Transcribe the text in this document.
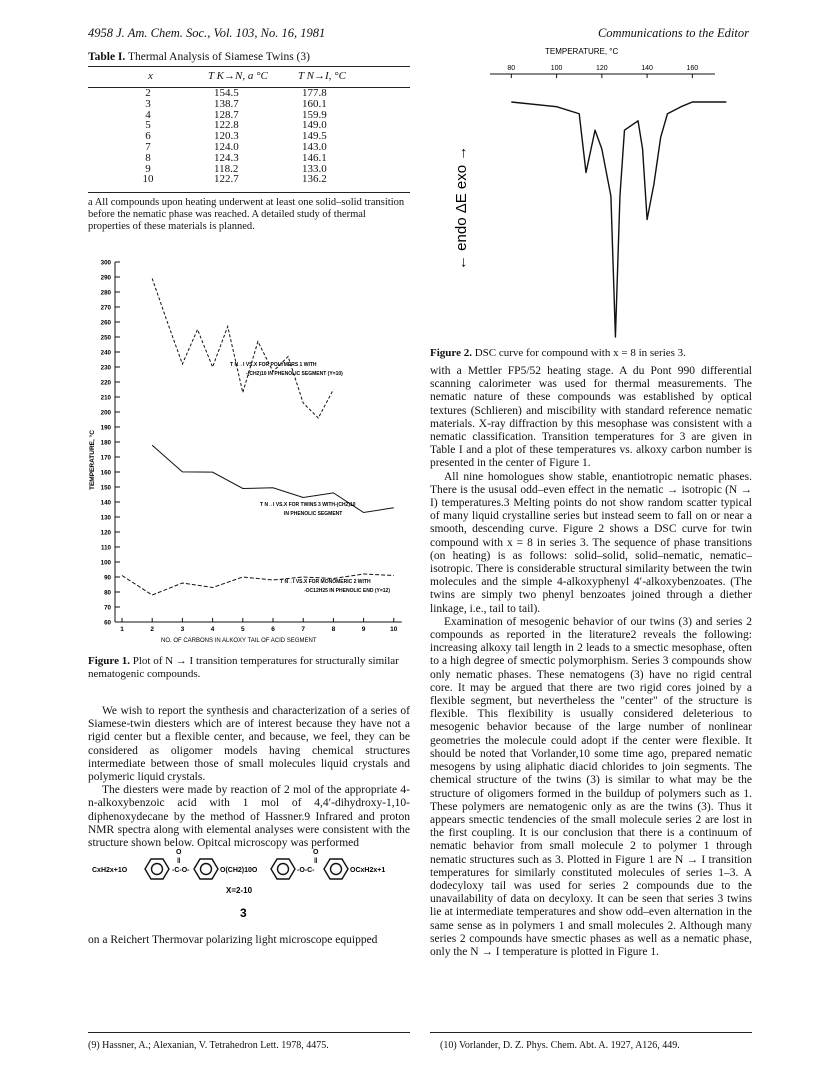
4958 J. Am. Chem. Soc., Vol. 103, No. 16, 1981	Communications to the Editor
Table I. Thermal Analysis of Siamese Twins (3)
x	T K→N, a °C	T N→I, °C
2	154.5	177.8
3	138.7	160.1
4	128.7	159.9
5	122.8	149.0
6	120.3	149.5
7	124.0	143.0
8	124.3	146.1
9	118.2	133.0
10	122.7	136.2
a All compounds upon heating underwent at least one solid–solid transition before the nematic phase was reached. A detailed study of thermal properties of these materials is planned.
60
70
80
90
100
110
120
130
140
150
160
170
180
190
200
210
220
230
240
250
260
270
280
290
300
1	2	3	4	5	6	7	8	9	10
TEMPERATURE, °C
NO. OF CARBONS IN ALKOXY TAIL OF ACID SEGMENT
T N→I VS.X FOR POLYMERS 1 WITH
-(CH2)10 IN PHENOLIC SEGMENT (Y=10)
T N→I VS.X FOR TWINS 3 WITH-(CH2)10
IN PHENOLIC SEGMENT
T N→I VS.X FOR MONOMERIC 2 WITH
-OC12H25 IN PHENOLIC END (Y=12)
Figure 1. Plot of N → I transition temperatures for structurally similar nematogenic compounds.

We wish to report the synthesis and characterization of a series of Siamese-twin diesters which are of interest because they have not a rigid center but a flexible center, and because, we feel, they can be considered as oligomer models having chemical structures intermediate between those of small molecules liquid crystals and polymeric liquid crystals.

The diesters were made by reaction of 2 mol of the appropriate 4-n-alkoxybenzoic acid with 1 mol of 4,4′-dihydroxy-1,10-diphenoxydecane by the method of Hassner.9 Infrared and proton NMR spectra along with elemental analyses were consistent with the structure shown below. Opitcal microscopy was performed

CxH2x+1O	-C-O-
O
‖
O(CH2)10O	-O-C-
O
‖
OCxH2x+1
X=2-10
3

on a Reichert Thermovar polarizing light microscope equipped

TEMPERATURE, °C
80	100	120	140	160
← endo ΔE exo →
Figure 2. DSC curve for compound with x = 8 in series 3.

with a Mettler FP5/52 heating stage. A du Pont 990 differential scanning calorimeter was used for thermal measurements. The nematic nature of these compounds was established by optical textures (Schlieren) and miscibility with standard reference nematic materials. X-ray diffraction by this mesophase was consistent with a nematic classification. Transition temperatures for 3 are given in Table I and a plot of these temperatures vs. alkoxy carbon number is presented in the center of Figure 1.

All nine homologues show stable, enantiotropic nematic phases. There is the ususal odd–even effect in the nematic → isotropic (N → I) temperatures.3 Melting points do not show random scatter typical of many liquid crystalline series but instead seem to fall on or near a smooth, descending curve. Figure 2 shows a DSC curve for twin compound with x = 8 in series 3. The sequence of phase transitions (on heating) is as follows: solid–solid, solid–nematic, nematic–isotropic. There is considerable structural similarity between the twin molecules and the simple 4-alkoxyphenyl 4′-alkoxybenzoates. (The twins are simply two phenyl benzoates joined through a diether linkage, i.e., tail to tail).

Examination of mesogenic behavior of our twins (3) and series 2 compounds as reported in the literature2 reveals the following: increasing alkoxy tail length in 2 leads to a smectic mesophase, often to a high degree of smectic polymorphism. Series 3 compounds show only nematic phases. These nematogens (3) have no rigid central core. It may be argued that there are two rigid cores joined by a flexible segment, but nevertheless the "center" of the structure is flexible. This flexibility is usually considered deleterious to mesogenic behavior because of the large number of nonlinear geometries the molecule could adopt if the center were flexible. It should be noted that Vorlander,10 some time ago, prepared nematic mesogens by using aliphatic diacid chlorides to join segments. The chemical structure of the twins (3) is similar to what may be the structure of oligomers formed in the buildup of polymers such as 1. These polymers are nematogenic only as are the twins (3). Thus it appears smectic tendencies of the small molecule series 2 are lost in the first coupling. It is our conclusion that there is a continuum of nematic behavior from small molecule 2 to polymer 1 through nematic structures such as 3. Plotted in Figure 1 are N → I transition temperatures for similarly constituted molecules of series 1–3. A dodecyloxy tail was used for series 2 compounds due to the unavailability of data on decyloxy. It can be seen that series 3 twins lie at intermediate temperatures and show odd–even alternation in the same sense as in polymers 1 and small molecules 2. Although many series 2 compounds have smectic phases as well as a nematic phase, only the N → I temperature is plotted in Figure 1.

(9) Hassner, A.; Alexanian, V. Tetrahedron Lett. 1978, 4475.	(10) Vorlander, D. Z. Phys. Chem. Abt. A. 1927, A126, 449.
